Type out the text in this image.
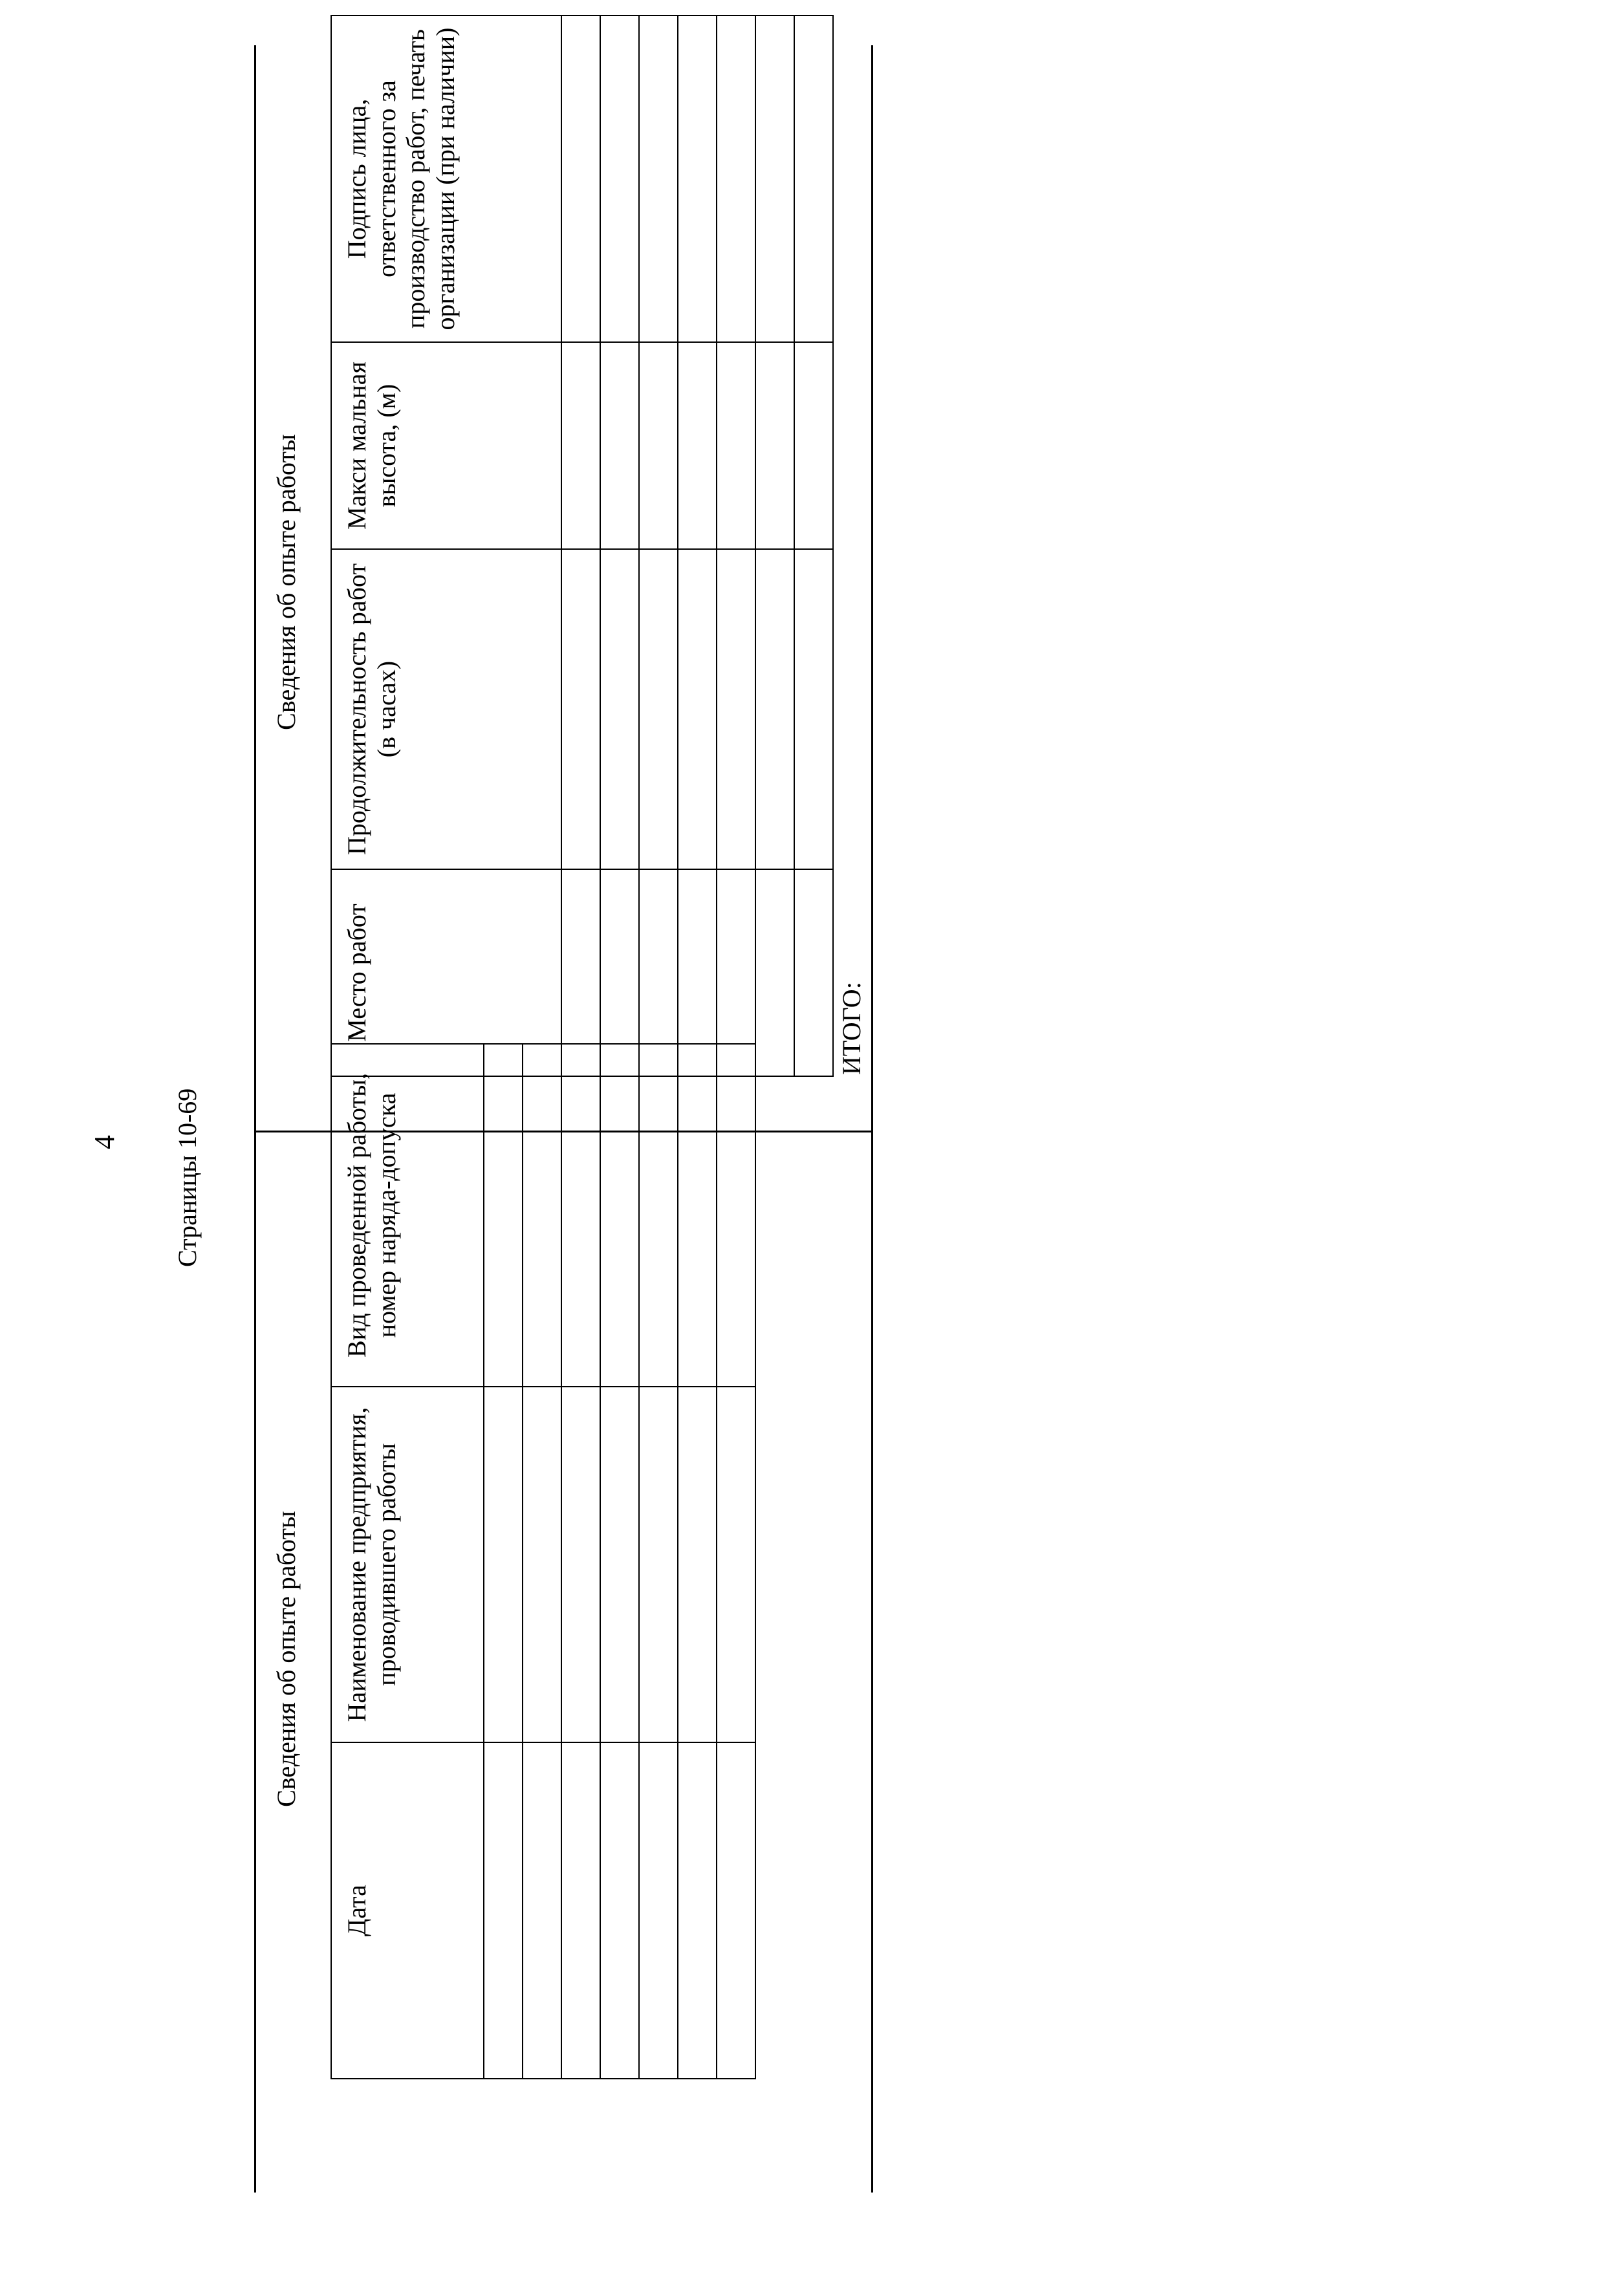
4 Страницы 10-69
Сведения об опыте работы
Дата	Наименование предприятия, проводившего работы	Вид проведенной работы, номер наряда-допуска

Сведения об опыте работы
Место работ	Продолжительность работ (в часах)	Макси мальная высота, (м)	Подпись лица, ответственного за производство работ, печать организации (при наличии)

ИТОГО:
